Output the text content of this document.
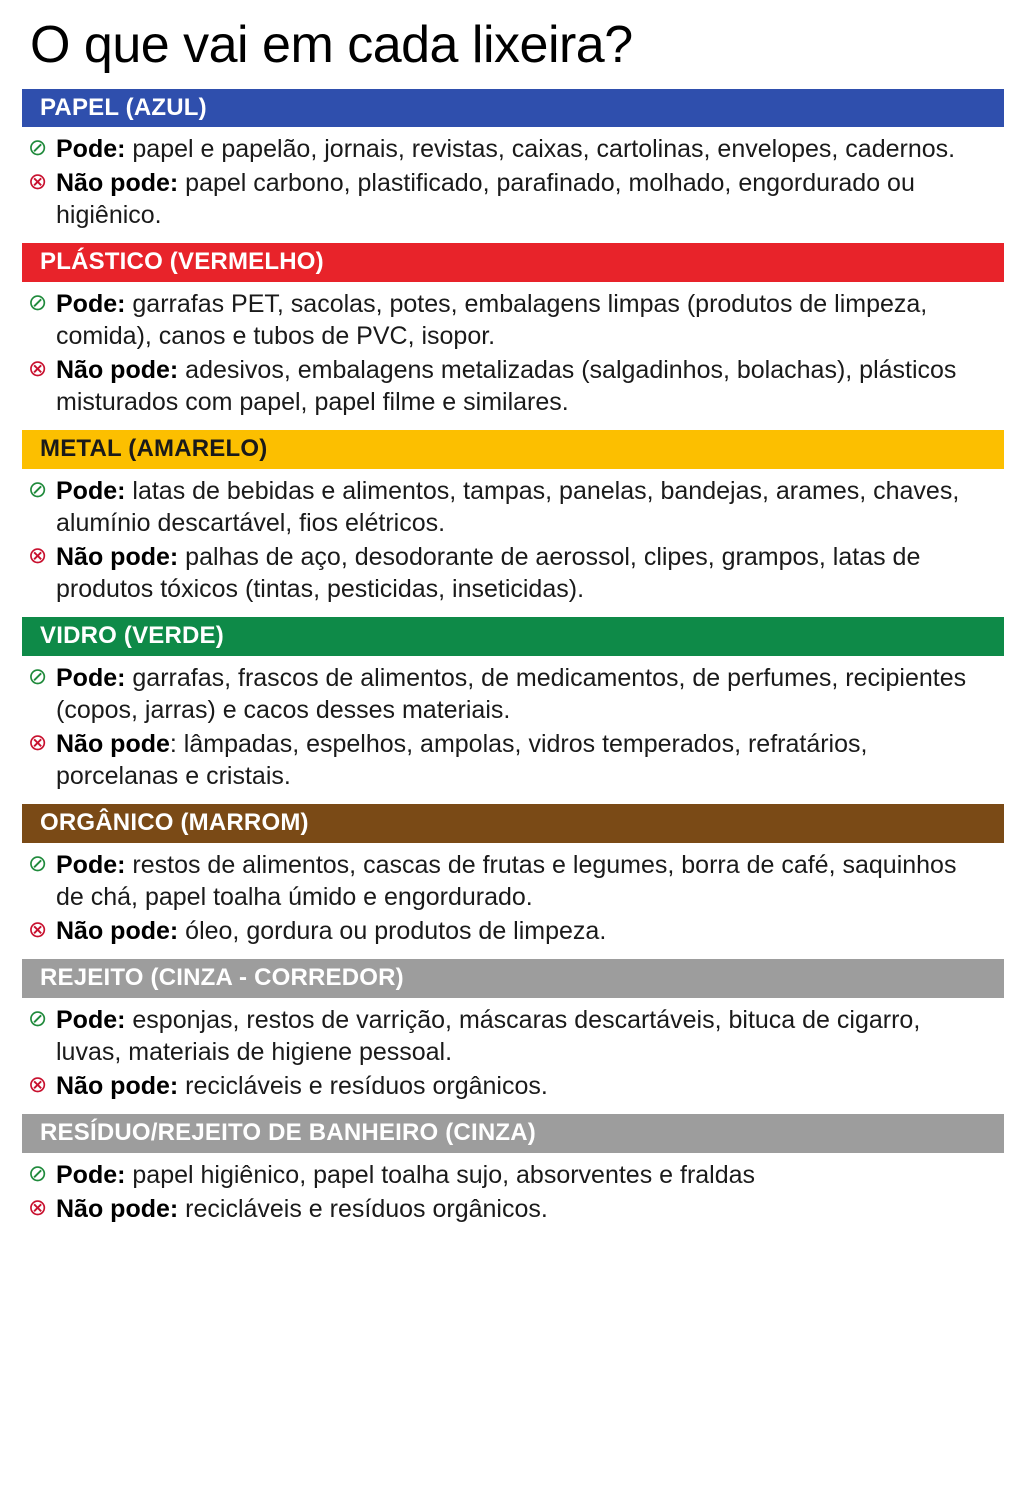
O que vai em cada lixeira?
PAPEL (AZUL)
⊘ Pode: papel e papelão, jornais, revistas, caixas, cartolinas, envelopes, cadernos.
⊗ Não pode: papel carbono, plastificado, parafinado, molhado, engordurado ou higiênico.
PLÁSTICO (VERMELHO)
⊘ Pode: garrafas PET, sacolas, potes, embalagens limpas (produtos de limpeza, comida), canos e tubos de PVC, isopor.
⊗ Não pode: adesivos, embalagens metalizadas (salgadinhos, bolachas), plásticos misturados com papel, papel filme e similares.
METAL (AMARELO)
⊘ Pode: latas de bebidas e alimentos, tampas, panelas, bandejas, arames, chaves, alumínio descartável, fios elétricos.
⊗ Não pode: palhas de aço, desodorante de aerossol, clipes, grampos, latas de produtos tóxicos (tintas, pesticidas, inseticidas).
VIDRO (VERDE)
⊘ Pode: garrafas, frascos de alimentos, de medicamentos, de perfumes, recipientes (copos, jarras) e cacos desses materiais.
⊗ Não pode: lâmpadas, espelhos, ampolas, vidros temperados, refratários, porcelanas e cristais.
ORGÂNICO (MARROM)
⊘ Pode: restos de alimentos, cascas de frutas e legumes, borra de café, saquinhos de chá, papel toalha úmido e engordurado.
⊗ Não pode: óleo, gordura ou produtos de limpeza.
REJEITO (CINZA - CORREDOR)
⊘ Pode: esponjas, restos de varrição, máscaras descartáveis, bituca de cigarro, luvas, materiais de higiene pessoal.
⊗ Não pode: recicláveis e resíduos orgânicos.
RESÍDUO/REJEITO DE BANHEIRO (CINZA)
⊘ Pode: papel higiênico, papel toalha sujo, absorventes e fraldas
⊗ Não pode: recicláveis e resíduos orgânicos.
